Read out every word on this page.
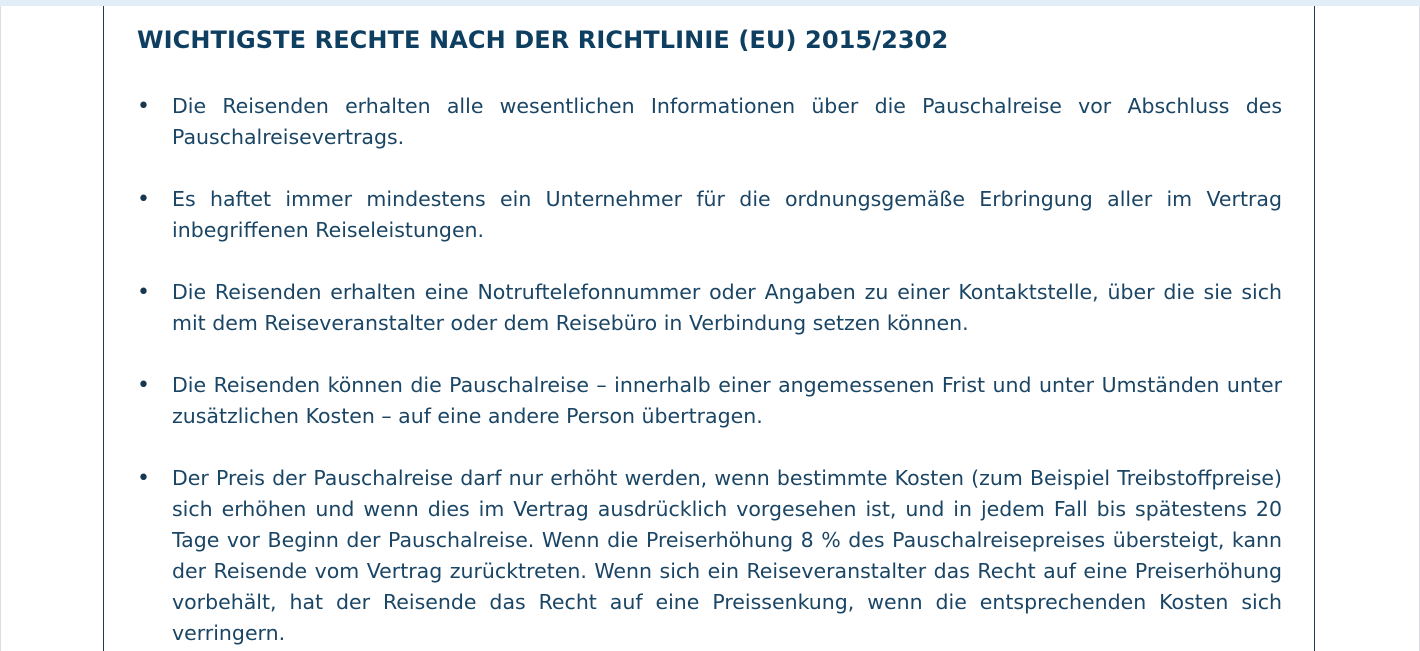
WICHTIGSTE RECHTE NACH DER RICHTLINIE (EU) 2015/2302
• Die Reisenden erhalten alle wesentlichen Informationen über die Pauschalreise vor Abschluss des Pauschalreisevertrags.
• Es haftet immer mindestens ein Unternehmer für die ordnungsgemäße Erbringung aller im Vertrag inbegriffenen Reiseleistungen.
• Die Reisenden erhalten eine Notruftelefonnummer oder Angaben zu einer Kontaktstelle, über die sie sich mit dem Reiseveranstalter oder dem Reisebüro in Verbindung setzen können.
• Die Reisenden können die Pauschalreise – innerhalb einer angemessenen Frist und unter Umständen unter zusätzlichen Kosten – auf eine andere Person übertragen.
• Der Preis der Pauschalreise darf nur erhöht werden, wenn bestimmte Kosten (zum Beispiel Treibstoffpreise) sich erhöhen und wenn dies im Vertrag ausdrücklich vorgesehen ist, und in jedem Fall bis spätestens 20 Tage vor Beginn der Pauschalreise. Wenn die Preiserhöhung 8 % des Pauschalreisepreises übersteigt, kann der Reisende vom Vertrag zurücktreten. Wenn sich ein Reiseveranstalter das Recht auf eine Preiserhöhung vorbehält, hat der Reisende das Recht auf eine Preissenkung, wenn die entsprechenden Kosten sich verringern.
